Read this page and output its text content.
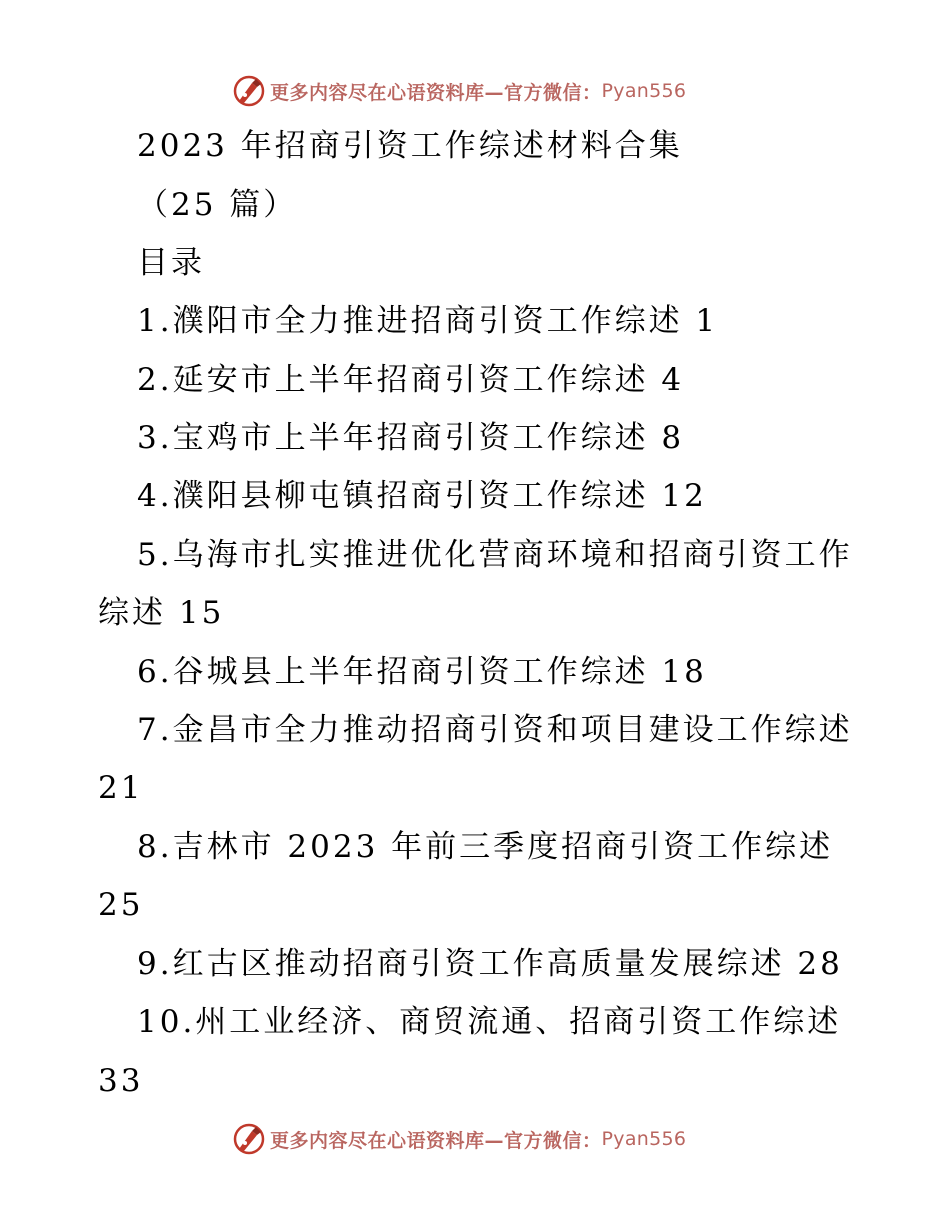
更多内容尽在心语资料库—官方微信： Pyan556
2023 年招商引资工作综述材料合集
（25 篇）
目录
1.濮阳市全力推进招商引资工作综述 1
2.延安市上半年招商引资工作综述 4
3.宝鸡市上半年招商引资工作综述 8
4.濮阳县柳屯镇招商引资工作综述 12
5.乌海市扎实推进优化营商环境和招商引资工作
综述 15
6.谷城县上半年招商引资工作综述 18
7.金昌市全力推动招商引资和项目建设工作综述
21
8.吉林市 2023 年前三季度招商引资工作综述
25
9.红古区推动招商引资工作高质量发展综述 28
10.州工业经济、商贸流通、招商引资工作综述
33
更多内容尽在心语资料库—官方微信： Pyan556
